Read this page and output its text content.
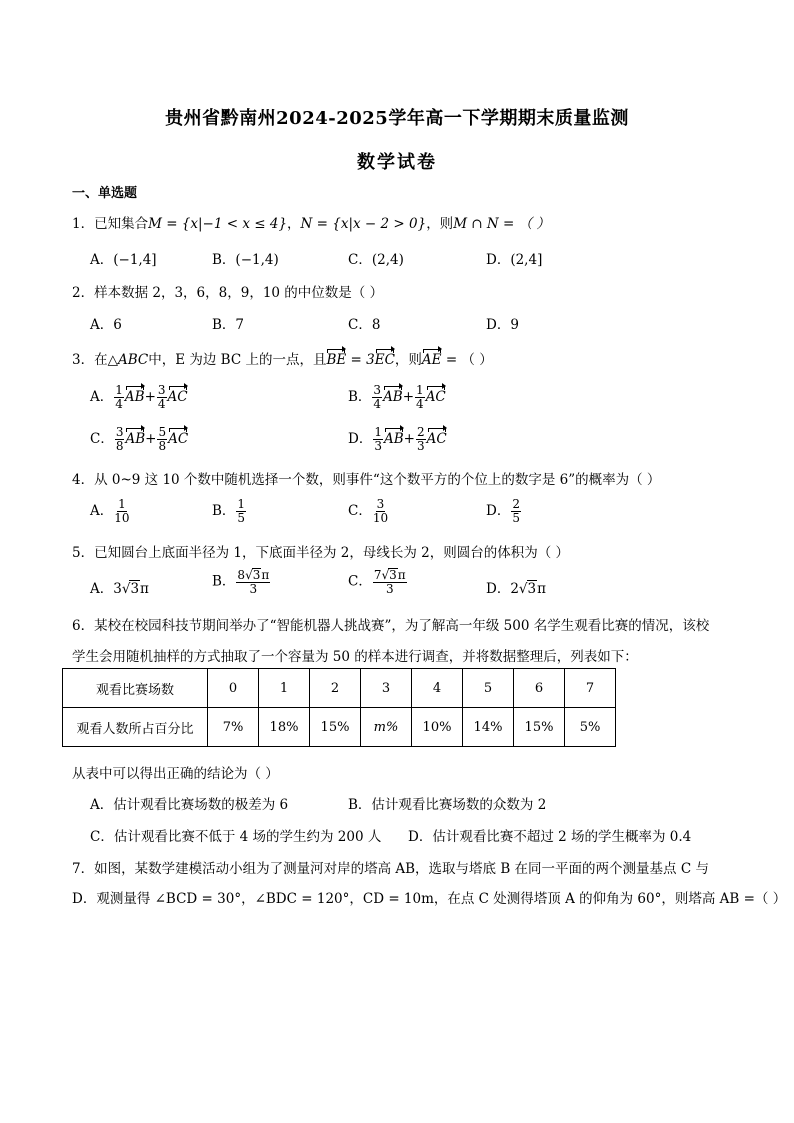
贵州省黔南州2024-2025学年高一下学期期末质量监测
数学试卷
一、单选题
1．已知集合M = {x|−1 < x ≤ 4}，N = {x|x − 2 > 0}，则M ∩ N = （ ）
A．(−1,4]	B．(−1,4)	C．(2,4)	D．(2,4]
2．样本数据 2，3，6，8，9，10 的中位数是（ ）
A．6	B．7	C．8	D．9
3．在△ABC中，E 为边 BC 上的一点，且BE = 3EC，则AE = （ ）
A． $\frac{1}{4} AB+ \frac{3}{4}$ AC	B． $\frac{3}{4} AB+ \frac{1}{4}$ AC
C． $\frac{3}{8} AB+ \frac{5}{8}$ AC	D． $\frac{1}{3} AB+ \frac{2}{3}$ AC
4．从 0~9 这 10 个数中随机选择一个数，则事件“这个数平方的个位上的数字是 6”的概率为（ ）
A． $\frac{1}{10}$	B． $\frac{1}{5}$	C． $\frac{3}{10}$	D． $\frac{2}{5}$
5．已知圆台上底面半径为 1，下底面半径为 2，母线长为 2，则圆台的体积为（ ）
A．3√3π	B． $\frac{8√3\pi}{3}$	C． $\frac{7√3\pi}{3}$	D．2√3π
6．某校在校园科技节期间举办了“智能机器人挑战赛”，为了解高一年级 500 名学生观看比赛的情况，该校
学生会用随机抽样的方式抽取了一个容量为 50 的样本进行调查，并将数据整理后，列表如下：
观看比赛场数	0	1	2	3	4	5	6	7
观看人数所占百分比	7%	18%	15%	m%	10%	14%	15%	5%
从表中可以得出正确的结论为（ ）
A．估计观看比赛场数的极差为 6	B．估计观看比赛场数的众数为 2
C．估计观看比赛不低于 4 场的学生约为 200 人 D．估计观看比赛不超过 2 场的学生概率为 0.4
7．如图，某数学建模活动小组为了测量河对岸的塔高 AB，选取与塔底 B 在同一平面的两个测量基点 C 与
D．观测量得 ∠BCD = 30°，∠BDC = 120°，CD = 10m，在点 C 处测得塔顶 A 的仰角为 60°，则塔高 AB =（ ）
